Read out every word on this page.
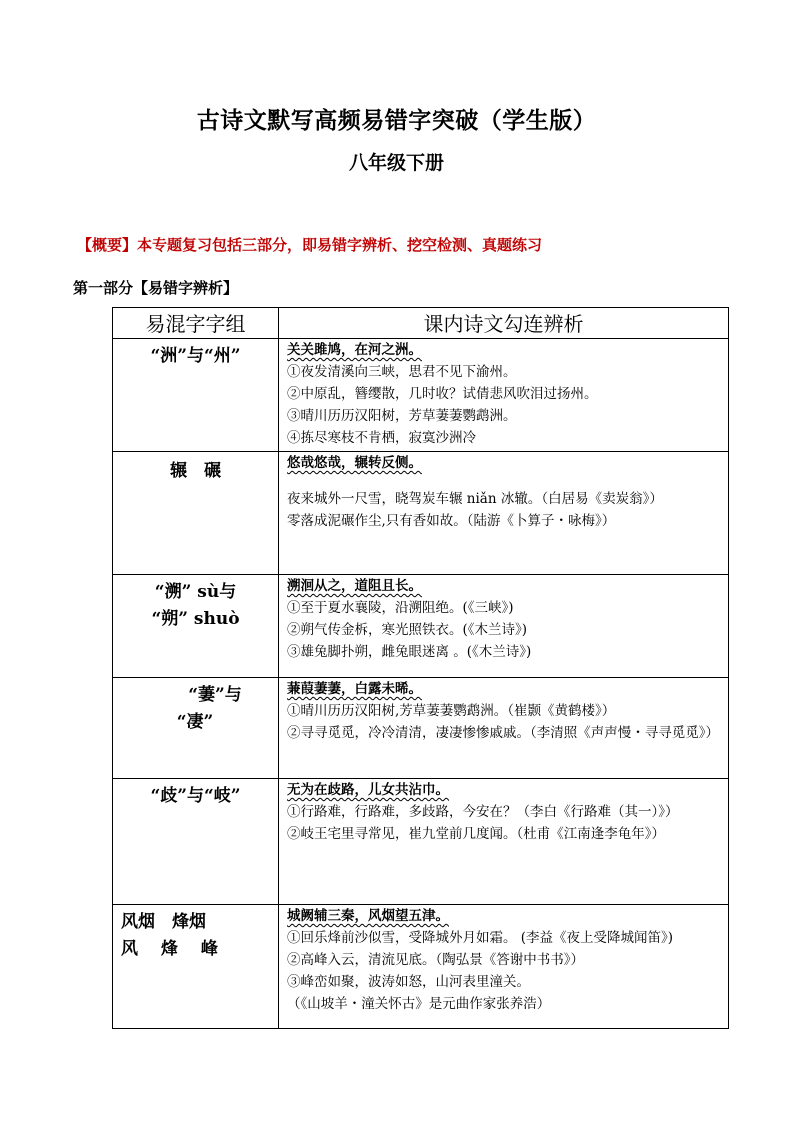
古诗文默写高频易错字突破（学生版）
八年级下册
【概要】本专题复习包括三部分，即易错字辨析、挖空检测、真题练习
第一部分【易错字辨析】
易混字字组	课内诗文勾连辨析

“洲”与“州”	关关雎鸠，在河之洲。
①夜发清溪向三峡，思君不见下渝州。
②中原乱，簪缨散，几时收？试倩悲风吹泪过扬州。
③晴川历历汉阳树，芳草萋萋鹦鹉洲。
④拣尽寒枝不肯栖，寂寞沙洲冷

辗　碾	悠哉悠哉，辗转反侧。
夜来城外一尺雪，晓驾炭车辗 niǎn 冰辙。（白居易《卖炭翁》）
零落成泥碾作尘,只有香如故。（陆游《卜算子・咏梅》）

“溯” sù与
“朔” shuò	溯洄从之，道阻且长。
①至于夏水襄陵，沿溯阻绝。(《三峡》)
②朔气传金柝，寒光照铁衣。(《木兰诗》)
③雄兔脚扑朔，雌兔眼迷离 。(《木兰诗》)

“萋”与
“凄”	蒹葭萋萋，白露未晞。
①晴川历历汉阳树,芳草萋萋鹦鹉洲。（崔颢《黄鹤楼》）
②寻寻觅觅，冷冷清清，凄凄惨惨戚戚。（李清照《声声慢・寻寻觅觅》）

“歧”与“岐”	无为在歧路，儿女共沾巾。
①行路难，行路难，多歧路，今安在？（李白《行路难（其一）》）
②岐王宅里寻常见，崔九堂前几度闻。（杜甫《江南逢李龟年》）

风烟　烽烟
风　 烽　 峰	城阙辅三秦，风烟望五津。
①回乐烽前沙似雪，受降城外月如霜。 (李益《夜上受降城闻笛》)
②高峰入云，清流见底。（陶弘景《答谢中书书》）
③峰峦如聚，波涛如怒，山河表里潼关。
（《山坡羊・潼关怀古》是元曲作家张养浩）
